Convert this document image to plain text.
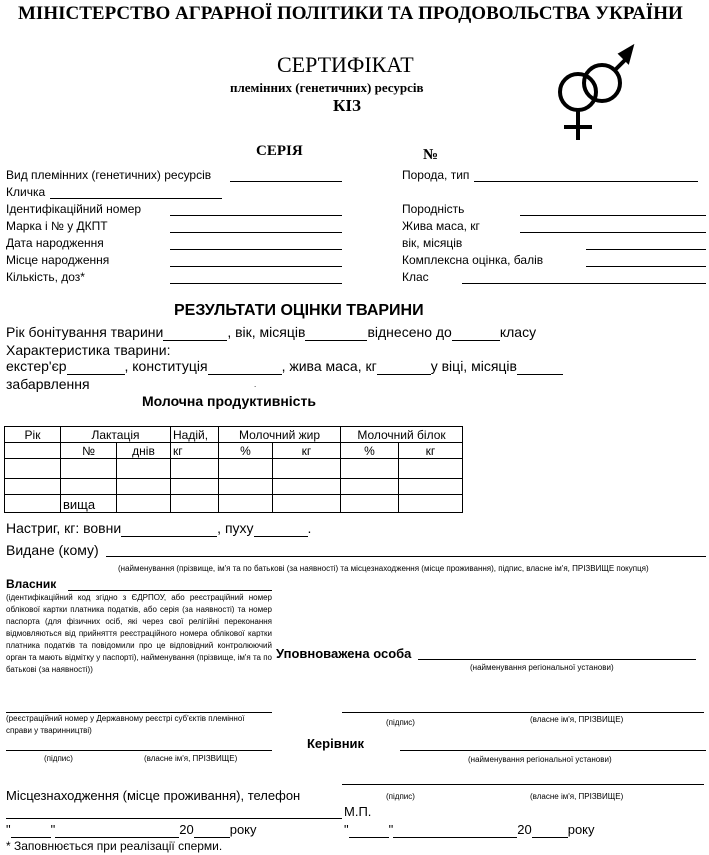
МІНІСТЕРСТВО АГРАРНОЇ ПОЛІТИКИ ТА ПРОДОВОЛЬСТВА УКРАЇНИ
СЕРТИФІКАТ
племінних (генетичних) ресурсів
КІЗ
СЕРІЯ	№
Вид племінних (генетичних) ресурсів
Кличка
Ідентифікаційний номер
Марка і № у ДКПТ
Дата народження
Місце народження
Кількість, доз*
Порода, тип
Породність
Жива маса, кг
вік, місяців
Комплексна оцінка, балів
Клас
РЕЗУЛЬТАТИ ОЦІНКИ ТВАРИНИ
Рік бонітування тварини	, вік, місяців	віднесено до	класу
Характеристика тварини:
екстер'єр	, конституція	, жива маса, кг	у віці, місяців
забарвлення	.
Молочна продуктивність
Рік	Лактація		Надій,	Молочний жир		Молочний білок	
	№	днів	кг	%	кг	%	кг

	вища						
Настриг, кг: вовни	, пуху	.
Видане (кому)
(найменування (прізвище, ім'я та по батькові (за наявності) та місцезнаходження (місце проживання), підпис, власне ім'я, ПРІЗВИЩЕ покупця)
Власник
(ідентифікаційний код згідно з ЄДРПОУ, або реєстраційний номер облікової картки платника податків, або серія (за наявності) та номер паспорта (для фізичних осіб, які через свої релігійні переконання відмовляються від прийняття реєстраційного номера облікової картки платника податків та повідомили про це відповідний контролюючий орган та мають відмітку у паспорті), найменування (прізвище, ім'я та по батькові (за наявності))
(реєстраційний номер у Державному реєстрі суб'єктів племінної справи у тваринництві)
(підпис)	(власне ім'я, ПРІЗВИЩЕ)
Уповноважена особа
(найменування регіональної установи)
(підпис)	(власне ім'я, ПРІЗВИЩЕ)
Керівник
(найменування регіональної установи)
(підпис)	(власне ім'я, ПРІЗВИЩЕ)
Місцезнаходження (місце проживання), телефон
М.П.
"	"	20	року	"	"	20	року
* Заповнюється при реалізації сперми.
